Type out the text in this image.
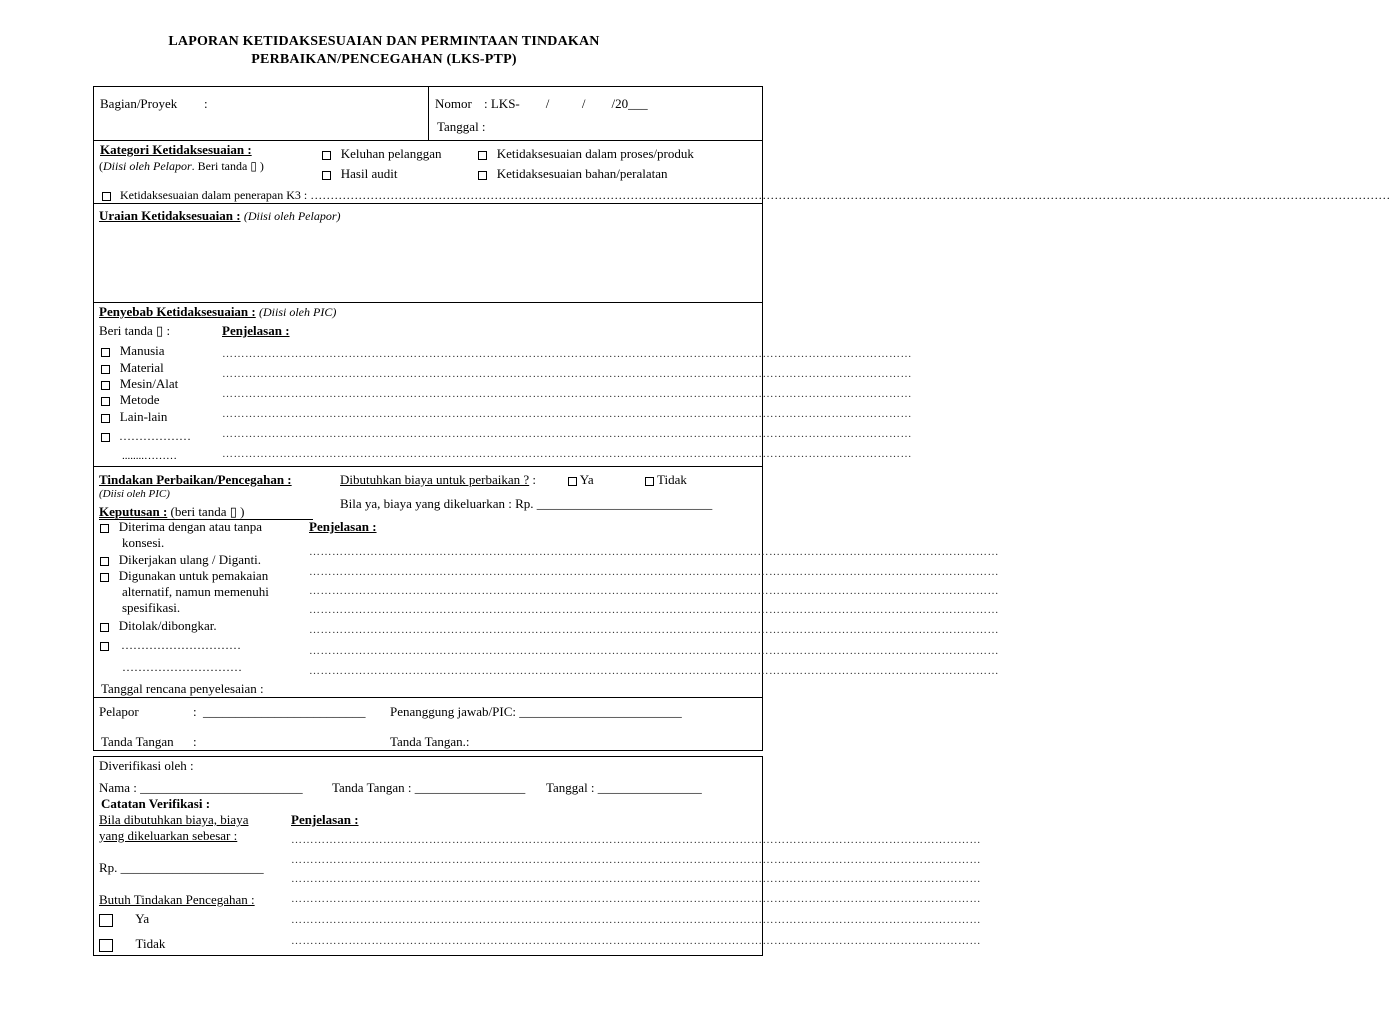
LAPORAN KETIDAKSESUAIAN DAN PERMINTAAN TINDAKAN
PERBAIKAN/PENCEGAHAN (LKS-PTP)
Bagian/Proyek :	Nomor : LKS-        /          /        /20___
Tanggal :
Kategori Ketidaksesuaian :
(Diisi oleh Pelapor. Beri tanda ▯ )
Keluhan pelanggan	Ketidaksesuaian dalam proses/produk
Hasil audit	Ketidaksesuaian bahan/peralatan
Ketidaksesuaian dalam penerapan K3 : ………………………………………………………………………………………………………………………………………………………………………………………………………………………………………………
Uraian Ketidaksesuaian : (Diisi oleh Pelapor)
Penyebab Ketidaksesuaian : (Diisi oleh PIC)
Beri tanda ▯ :	Penjelasan :
Manusia
Material
Mesin/Alat
Metode
Lain-lain
………………
........………
………………………………………………………………………………………………………………………………………………………………
………………………………………………………………………………………………………………………………………………………………
………………………………………………………………………………………………………………………………………………………………
………………………………………………………………………………………………………………………………………………………………
………………………………………………………………………………………………………………………………………………………………
………………………………………………………………………………………………………………………………………………………………
Tindakan Perbaikan/Pencegahan :
(Diisi oleh PIC)
Dibutuhkan biaya untuk perbaikan ? :	Ya	Tidak
Bila ya, biaya yang dikeluarkan : Rp. ___________________________
Keputusan : (beri tanda ▯ )
Penjelasan :
Diterima dengan atau tanpa
konsesi.
Dikerjakan ulang / Diganti.
Digunakan untuk pemakaian
alternatif, namun memenuhi
spesifikasi.
Ditolak/dibongkar.
…………………………
…………………………
………………………………………………………………………………………………………………………………………………………………
………………………………………………………………………………………………………………………………………………………………
………………………………………………………………………………………………………………………………………………………………
………………………………………………………………………………………………………………………………………………………………
………………………………………………………………………………………………………………………………………………………………
………………………………………………………………………………………………………………………………………………………………
………………………………………………………………………………………………………………………………………………………………
Tanggal rencana penyelesaian :
Pelapor	: _________________________ Penanggung jawab/PIC: _________________________
Tanda Tangan :	Tanda Tangan.:
Diverifikasi oleh :
Nama : _________________________ Tanda Tangan : _________________ Tanggal : ________________
Catatan Verifikasi :
Bila dibutuhkan biaya, biaya
yang dikeluarkan sebesar :
Penjelasan :
Rp. ______________________
Butuh Tindakan Pencegahan :
Ya
Tidak
………………………………………………………………………………………………………………………………………………………………
………………………………………………………………………………………………………………………………………………………………
………………………………………………………………………………………………………………………………………………………………
………………………………………………………………………………………………………………………………………………………………
………………………………………………………………………………………………………………………………………………………………
………………………………………………………………………………………………………………………………………………………………
